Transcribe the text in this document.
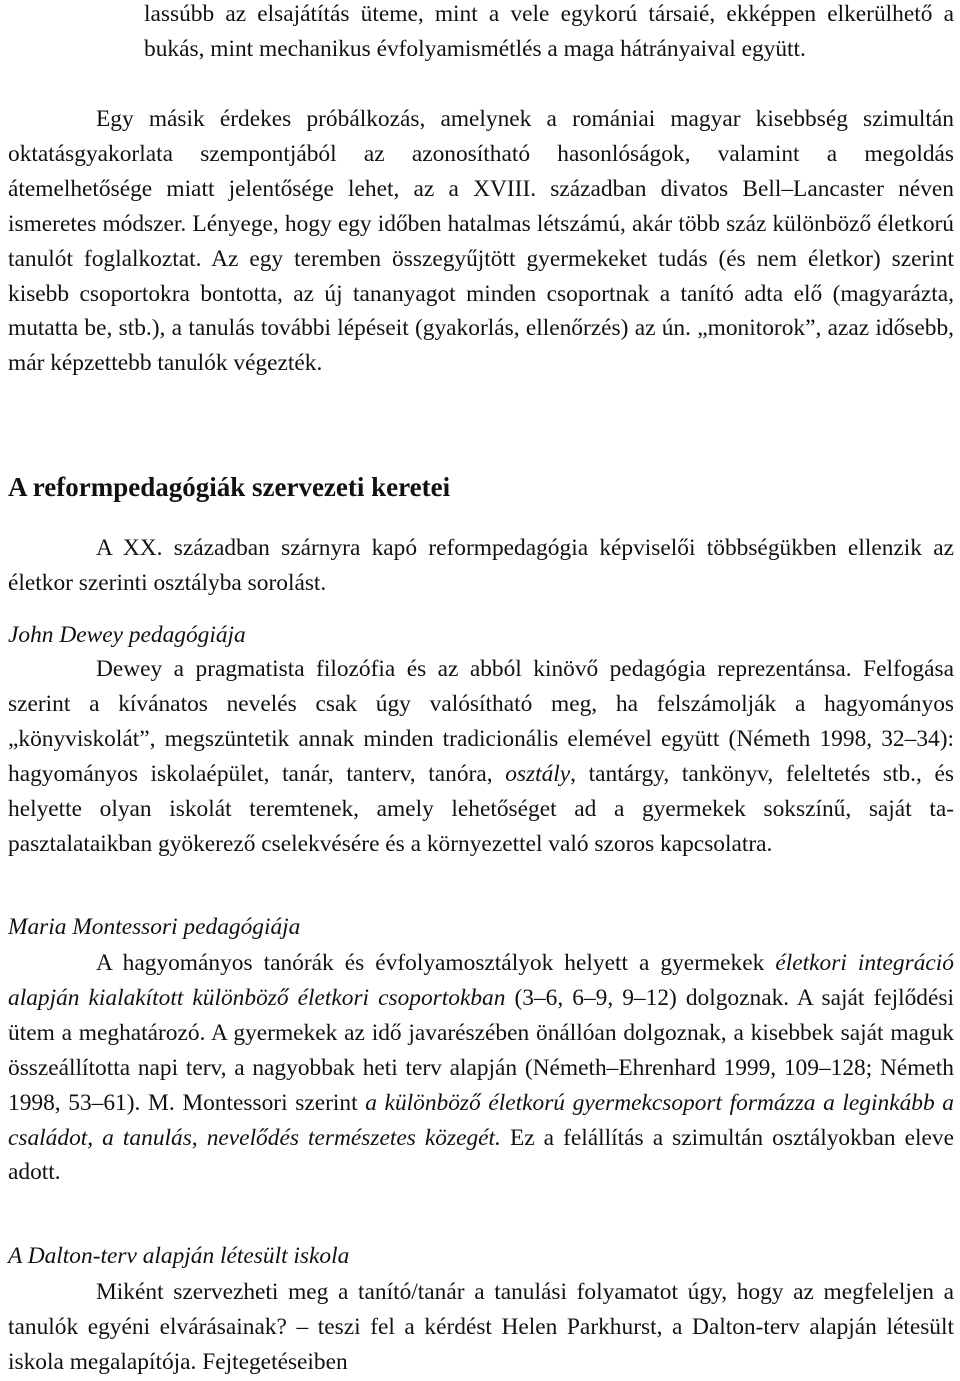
lassúbb az elsajátítás üteme, mint a vele egykorú társaié, ekképpen elkerülhető a bukás, mint mechanikus évfolyamismétlés a maga hátrányaival együtt.

Egy másik érdekes próbálkozás, amelynek a romániai magyar kisebbség szimultán oktatásgyakorlata szempontjából az azonosítható hasonlóságok, valamint a megoldás átemelhetősége miatt jelentősége lehet, az a XVIII. században divatos Bell–Lancaster néven ismeretes módszer. Lényege, hogy egy időben hatalmas létszámú, akár több száz különböző életkorú tanulót foglalkoztat. Az egy teremben összegyűjtött gyermekeket tudás (és nem életkor) szerint kisebb csoportokra bontotta, az új tananyagot minden csoportnak a tanító adta elő (magyarázta, mutatta be, stb.), a tanulás további lépéseit (gyakorlás, ellenőrzés) az ún. „monitorok”, azaz idősebb, már képzettebb tanulók végezték.

A reformpedagógiák szervezeti keretei

A XX. században szárnyra kapó reformpedagógia képviselői többségükben ellenzik az életkor szerinti osztályba sorolást.

John Dewey pedagógiája

Dewey a pragmatista filozófia és az abból kinövő pedagógia reprezentánsa. Felfogása szerint a kívánatos nevelés csak úgy valósítható meg, ha felszámolják a hagyományos „könyviskolát”, megszüntetik annak minden tradicionális elemével együtt (Németh 1998, 32–34): hagyományos iskolaépület, tanár, tanterv, tanóra, osztály, tantárgy, tankönyv, feleltetés stb., és helyette olyan iskolát teremtenek, amely lehetőséget ad a gyermekek sokszínű, saját tapasztalataikban gyökerező cselekvésére és a környezettel való szoros kapcsolatra.

Maria Montessori pedagógiája

A hagyományos tanórák és évfolyamosztályok helyett a gyermekek életkori integráció alapján kialakított különböző életkori csoportokban (3–6, 6–9, 9–12) dolgoznak. A saját fejlődési ütem a meghatározó. A gyermekek az idő javarészében önállóan dolgoznak, a kisebbek saját maguk összeállította napi terv, a nagyobbak heti terv alapján (Németh–Ehrenhard 1999, 109–128; Németh 1998, 53–61). M. Montessori szerint a különböző életkorú gyermekcsoport formázza a leginkább a családot, a tanulás, nevelődés természetes közegét. Ez a felállítás a szimultán osztályokban eleve adott.

A Dalton-terv alapján létesült iskola

Miként szervezheti meg a tanító/tanár a tanulási folyamatot úgy, hogy az megfeleljen a tanulók egyéni elvárásainak? – teszi fel a kérdést Helen Parkhurst, a Dalton-terv alapján létesült iskola megalapítója. Fejtegetéseiben
